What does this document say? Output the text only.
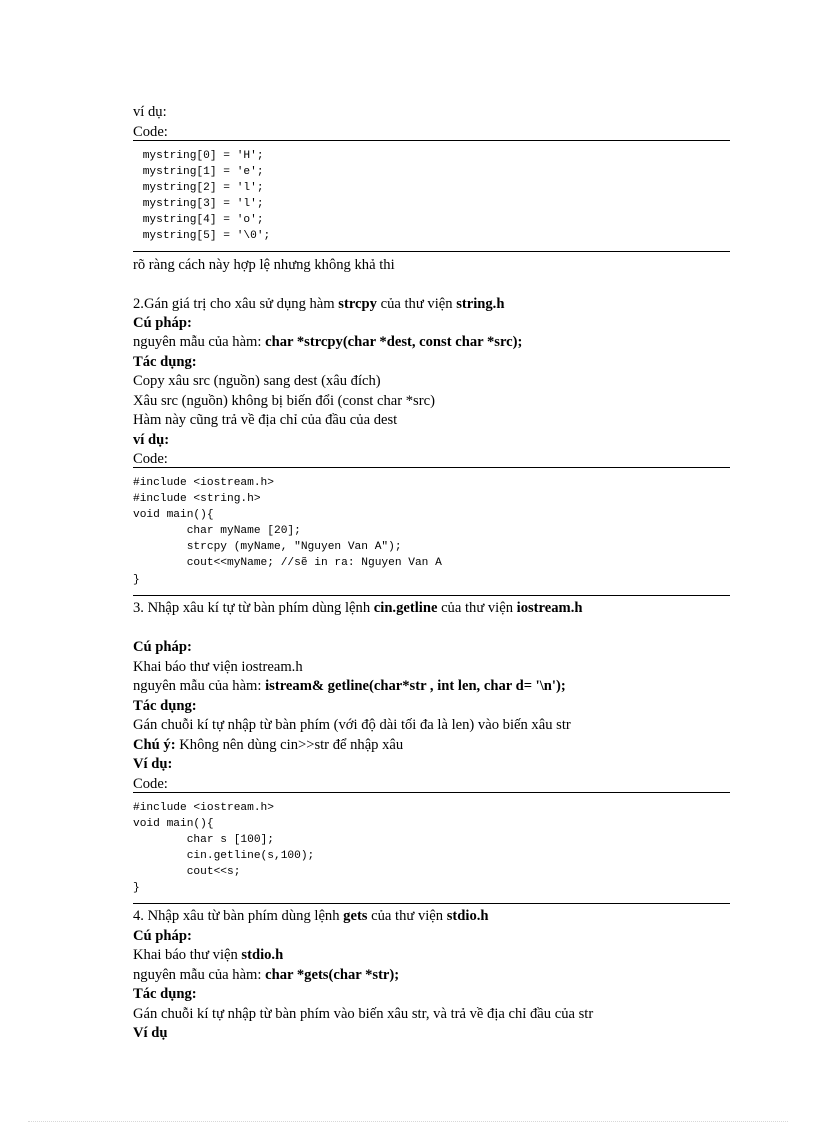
ví dụ:
Code:
mystring[0] = 'H';
mystring[1] = 'e';
mystring[2] = 'l';
mystring[3] = 'l';
mystring[4] = 'o';
mystring[5] = '\0';
rõ ràng cách này hợp lệ nhưng không khả thi
2.Gán giá trị cho xâu sử dụng hàm strcpy của thư viện string.h
Cú pháp:
nguyên mẫu của hàm: char *strcpy(char *dest, const char *src);
Tác dụng:
Copy xâu src (nguồn) sang dest (xâu đích)
Xâu src (nguồn) không bị biến đổi (const char *src)
Hàm này cũng trả về địa chỉ của đầu của dest
ví dụ:
Code:
#include <iostream.h>
#include <string.h>
void main(){
char myName [20];
strcpy (myName, "Nguyen Van A");
cout<<myName; //sẽ in ra: Nguyen Van A
}
3. Nhập xâu kí tự từ bàn phím dùng lệnh cin.getline của thư viện iostream.h
Cú pháp:
Khai báo thư viện iostream.h
nguyên mẫu của hàm: istream& getline(char*str , int len, char d= '\n');
Tác dụng:
Gán chuỗi kí tự nhập từ bàn phím (với độ dài tối đa là len) vào biến xâu str
Chú ý: Không nên dùng cin>>str để nhập xâu
Ví dụ:
Code:
#include <iostream.h>
void main(){
char s [100];
cin.getline(s,100);
cout<<s;
}
4. Nhập xâu từ bàn phím dùng lệnh gets của thư viện stdio.h
Cú pháp:
Khai báo thư viện stdio.h
nguyên mẫu của hàm: char *gets(char *str);
Tác dụng:
Gán chuỗi kí tự nhập từ bàn phím vào biến xâu str, và trả về địa chỉ đầu của str
Ví dụ
